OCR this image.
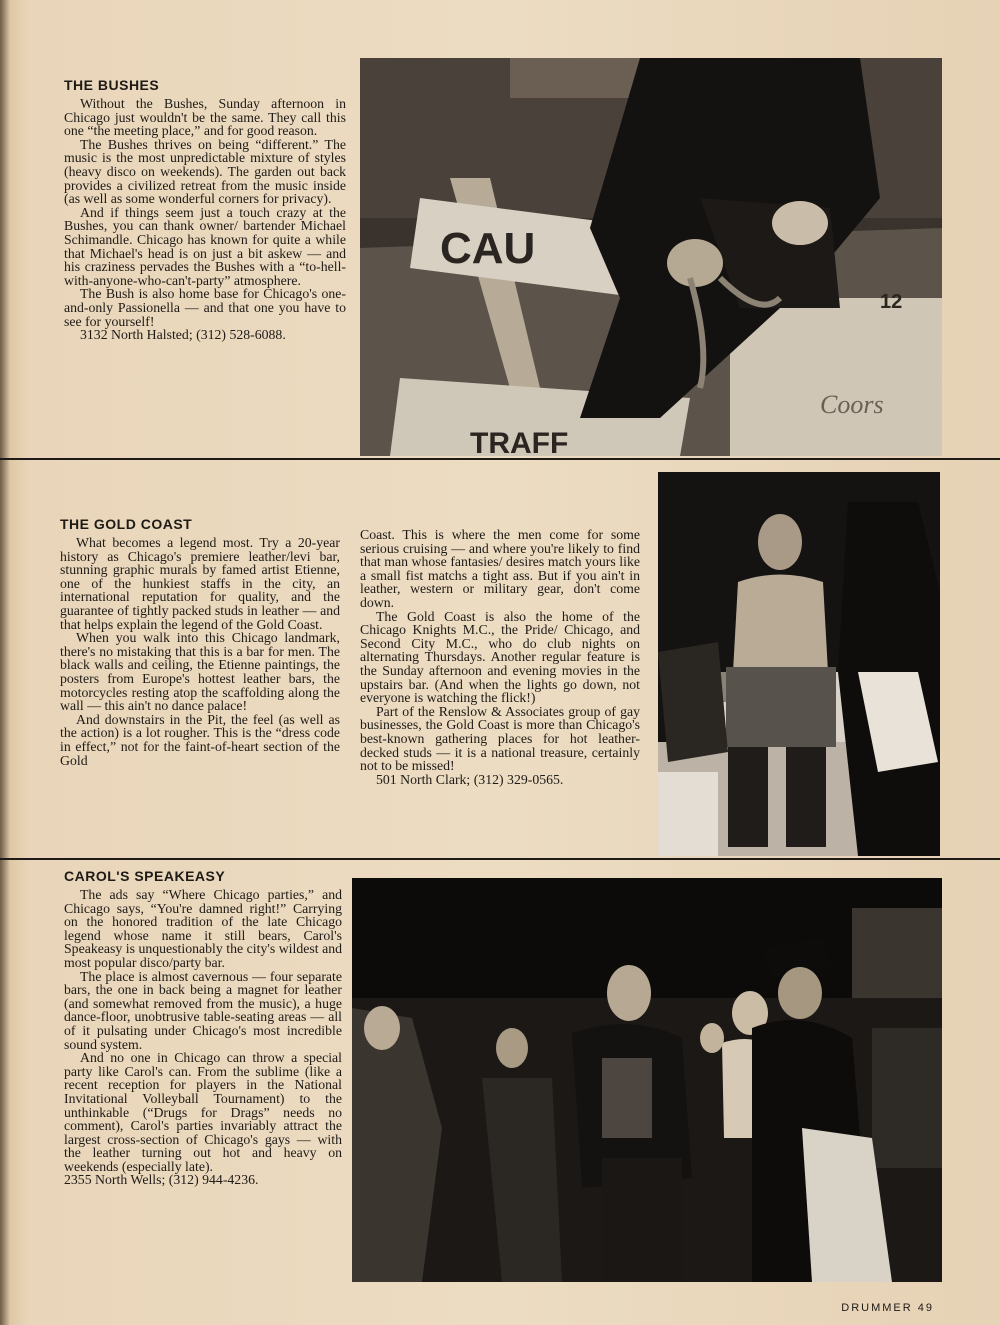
THE BUSHES

Without the Bushes, Sunday afternoon in Chicago just wouldn't be the same. They call this one “the meeting place,” and for good reason.

The Bushes thrives on being “different.” The music is the most unpredictable mixture of styles (heavy disco on weekends). The garden out back provides a civilized retreat from the music inside (as well as some wonderful corners for privacy).

And if things seem just a touch crazy at the Bushes, you can thank owner/ bartender Michael Schimandle. Chicago has known for quite a while that Michael's head is on just a bit askew — and his craziness pervades the Bushes with a “to-hell-with-anyone-who-can't-party” atmosphere.

The Bush is also home base for Chicago's one-and-only Passionella — and that one you have to see for yourself!

3132 North Halsted; (312) 528-6088.
CAU
TRAFF
Coors
12
THE GOLD COAST

What becomes a legend most. Try a 20-year history as Chicago's premiere leather/levi bar, stunning graphic murals by famed artist Etienne, one of the hunkiest staffs in the city, an international reputation for quality, and the guarantee of tightly packed studs in leather — and that helps explain the legend of the Gold Coast.

When you walk into this Chicago landmark, there's no mistaking that this is a bar for men. The black walls and ceiling, the Etienne paintings, the posters from Europe's hottest leather bars, the motorcycles resting atop the scaffolding along the wall — this ain't no dance palace!

And downstairs in the Pit, the feel (as well as the action) is a lot rougher. This is the “dress code in effect,” not for the faint-of-heart section of the Gold

Coast. This is where the men come for some serious cruising — and where you're likely to find that man whose fantasies/ desires match yours like a small fist matchs a tight ass. But if you ain't in leather, western or military gear, don't come down.

The Gold Coast is also the home of the Chicago Knights M.C., the Pride/ Chicago, and Second City M.C., who do club nights on alternating Thursdays. Another regular feature is the Sunday afternoon and evening movies in the upstairs bar. (And when the lights go down, not everyone is watching the flick!)

Part of the Renslow & Associates group of gay businesses, the Gold Coast is more than Chicago's best-known gathering places for hot leather-decked studs — it is a national treasure, certainly not to be missed!

501 North Clark; (312) 329-0565.
CAROL'S SPEAKEASY

The ads say “Where Chicago parties,” and Chicago says, “You're damned right!” Carrying on the honored tradition of the late Chicago legend whose name it still bears, Carol's Speakeasy is unquestionably the city's wildest and most popular disco/party bar.

The place is almost cavernous — four separate bars, the one in back being a magnet for leather (and somewhat removed from the music), a huge dance-floor, unobtrusive table-seating areas — all of it pulsating under Chicago's most incredible sound system.

And no one in Chicago can throw a special party like Carol's can. From the sublime (like a recent reception for players in the National Invitational Volleyball Tournament) to the unthinkable (“Drugs for Drags” needs no comment), Carol's parties invariably attract the largest cross-section of Chicago's gays — with the leather turning out hot and heavy on weekends (especially late).

2355 North Wells; (312) 944-4236.
DRUMMER 49
